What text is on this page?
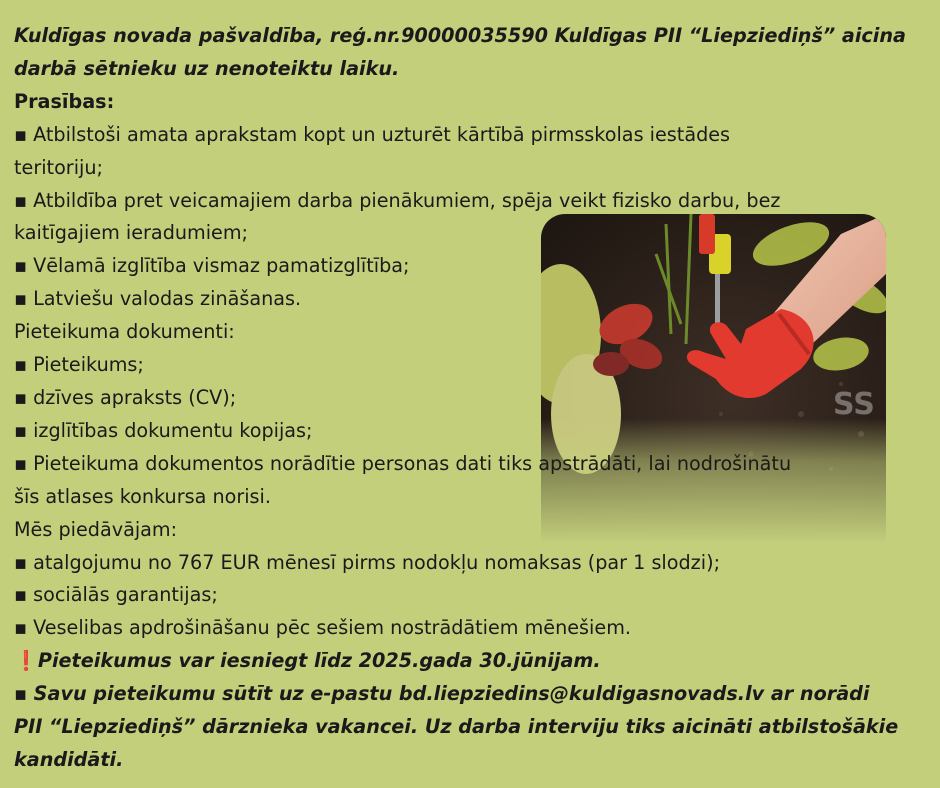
Kuldīgas novada pašvaldība, reģ.nr.90000035590 Kuldīgas PII “Liepziediņš” aicina
darbā sētnieku uz nenoteiktu laiku.
Prasības:
▪ Atbilstoši amata aprakstam kopt un uzturēt kārtībā pirmsskolas iestādes
teritoriju;
▪ Atbildība pret veicamajiem darba pienākumiem, spēja veikt fizisko darbu, bez
kaitīgajiem ieradumiem;
▪ Vēlamā izglītība vismaz pamatizglītība;
▪ Latviešu valodas zināšanas.
Pieteikuma dokumenti:
▪ Pieteikums;
▪ dzīves apraksts (CV);
▪ izglītības dokumentu kopijas;
▪ Pieteikuma dokumentos norādītie personas dati tiks apstrādāti, lai nodrošinātu
šīs atlases konkursa norisi.
Mēs piedāvājam:
▪ atalgojumu no 767 EUR mēnesī pirms nodokļu nomaksas (par 1 slodzi);
▪ sociālās garantijas;
▪ Veselibas apdrošināšanu pēc sešiem nostrādātiem mēnešiem.
❗Pieteikumus var iesniegt līdz 2025.gada 30.jūnijam.
▪ Savu pieteikumu sūtīt uz e-pastu bd.liepziedins@kuldigasnovads.lv ar norādi
PII “Liepziediņš” dārznieka vakancei. Uz darba interviju tiks aicināti atbilstošākie
kandidāti.
